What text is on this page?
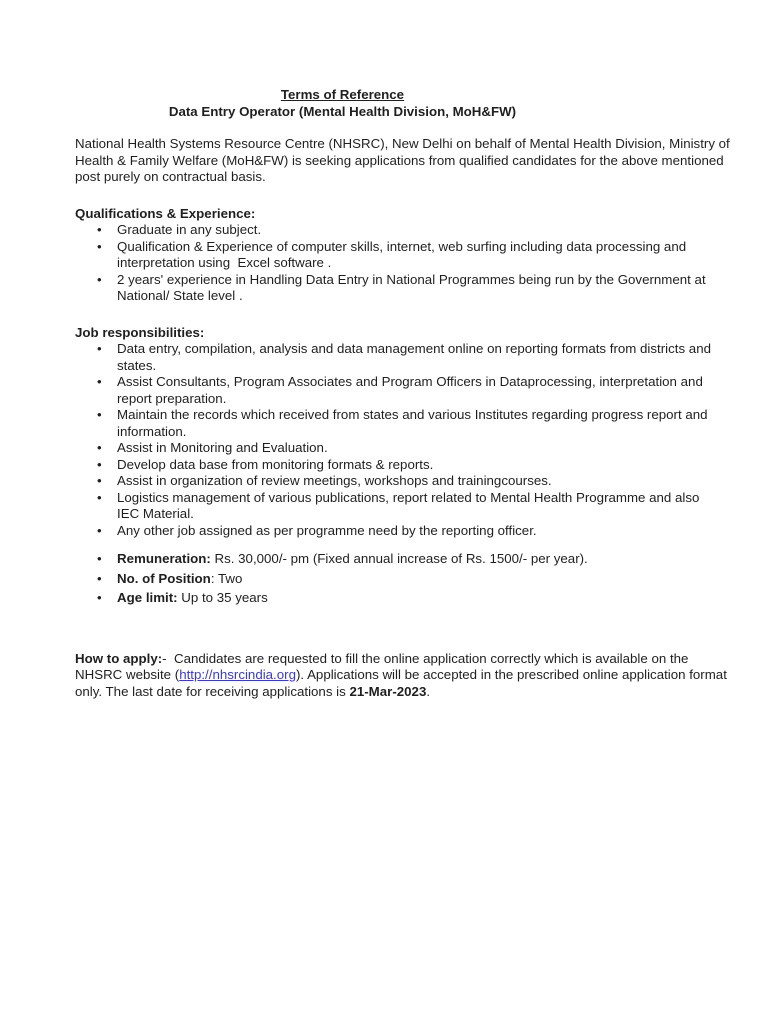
Terms of Reference
Data Entry Operator (Mental Health Division, MoH&FW)

National Health Systems Resource Centre (NHSRC), New Delhi on behalf of Mental Health Division, Ministry of Health & Family Welfare (MoH&FW) is seeking applications from qualified candidates for the above mentioned post purely on contractual basis.

Qualifications & Experience:
• Graduate in any subject.
• Qualification & Experience of computer skills, internet, web surfing including data processing and interpretation using  Excel software .
• 2 years' experience in Handling Data Entry in National Programmes being run by the Government at National/ State level .
Job responsibilities:
• Data entry, compilation, analysis and data management online on reporting formats from districts and states.
• Assist Consultants, Program Associates and Program Officers in Dataprocessing, interpretation and report preparation.
• Maintain the records which received from states and various Institutes regarding progress report and information.
• Assist in Monitoring and Evaluation.
• Develop data base from monitoring formats & reports.
• Assist in organization of review meetings, workshops and trainingcourses.
• Logistics management of various publications, report related to Mental Health Programme and also IEC Material.
• Any other job assigned as per programme need by the reporting officer.
• Remuneration: Rs. 30,000/- pm (Fixed annual increase of Rs. 1500/- per year).
• No. of Position: Two
• Age limit: Up to 35 years

How to apply:-  Candidates are requested to fill the online application correctly which is available on the NHSRC website (http://nhsrcindia.org). Applications will be accepted in the prescribed online application format only. The last date for receiving applications is 21-Mar-2023.
